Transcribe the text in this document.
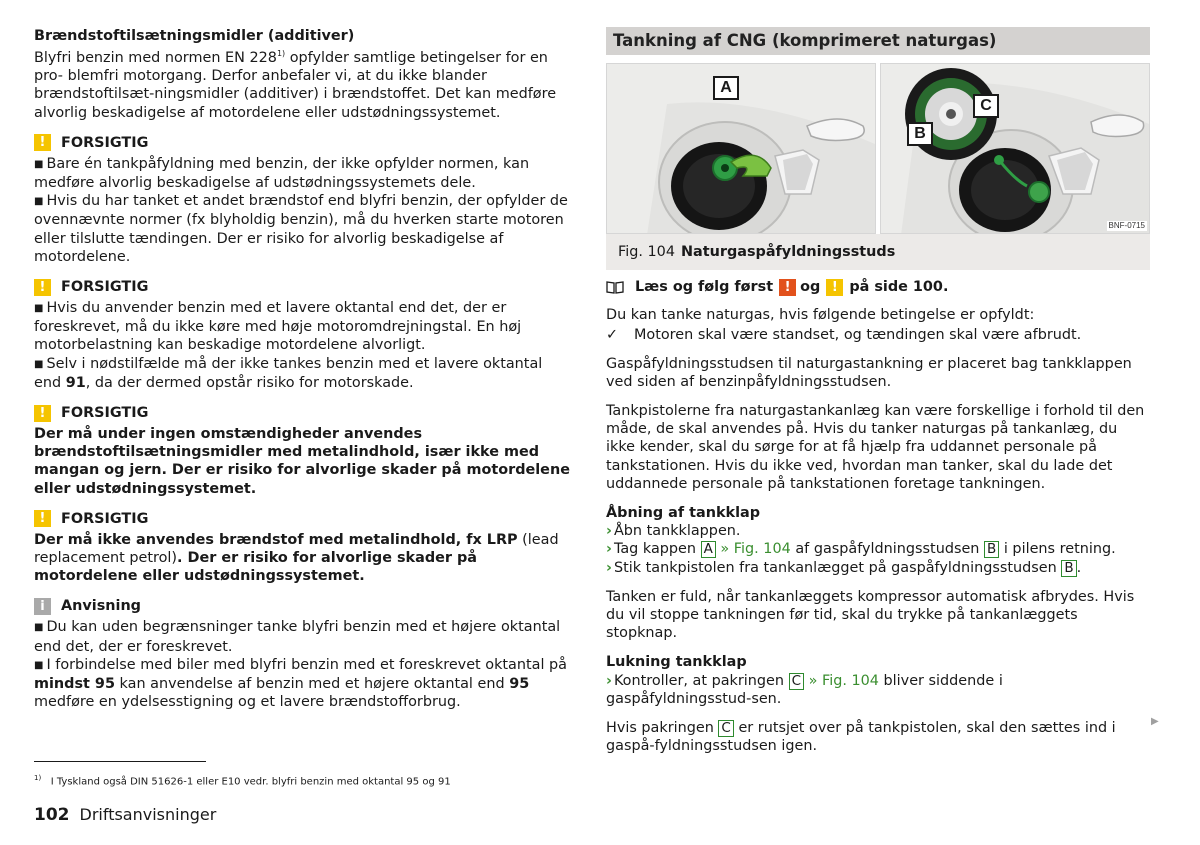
Brændstoftilsætningsmidler (additiver)

Blyfri benzin med normen EN 228$^{1)}$ opfylder samtlige betingelser for en pro- blemfri motorgang. Derfor anbefaler vi, at du ikke blander brændstoftilsæt-ningsmidler (additiver) i brændstoffet. Det kan medføre alvorlig beskadigelse af motordelene eller udstødningssystemet.

!	FORSIGTIG

■ Bare én tankpåfyldning med benzin, der ikke opfylder normen, kan medføre alvorlig beskadigelse af udstødningssystemets dele.

■ Hvis du har tanket et andet brændstof end blyfri benzin, der opfylder de ovennævnte normer (fx blyholdig benzin), må du hverken starte motoren eller tilslutte tændingen. Der er risiko for alvorlig beskadigelse af motordelene.

!	FORSIGTIG

■ Hvis du anvender benzin med et lavere oktantal end det, der er foreskrevet, må du ikke køre med høje motoromdrejningstal. En høj motorbelastning kan beskadige motordelene alvorligt.

■ Selv i nødstilfælde må der ikke tankes benzin med et lavere oktantal end 91, da der dermed opstår risiko for motorskade.

!	FORSIGTIG

Der må under ingen omstændigheder anvendes brændstoftilsætningsmidler med metalindhold, især ikke med mangan og jern. Der er risiko for alvorlige skader på motordelene eller udstødningssystemet.

!	FORSIGTIG

Der må ikke anvendes brændstof med metalindhold, fx LRP (lead replacement petrol). Der er risiko for alvorlige skader på motordelene eller udstødningssystemet.

i	Anvisning

■ Du kan uden begrænsninger tanke blyfri benzin med et højere oktantal end det, der er foreskrevet.

■ I forbindelse med biler med blyfri benzin med et foreskrevet oktantal på mindst 95 kan anvendelse af benzin med et højere oktantal end 95 medføre en ydelsesstigning og et lavere brændstofforbrug.

Tankning af CNG (komprimeret naturgas)
A
B
C
BNF-0715
Fig. 104 Naturgaspåfyldningsstuds
Læs og følg først ! og ! på side 100.

Du kan tanke naturgas, hvis følgende betingelse er opfyldt:

✓	Motoren skal være standset, og tændingen skal være afbrudt.

Gaspåfyldningsstudsen til naturgastankning er placeret bag tankklappen ved siden af benzinpåfyldningsstudsen.

Tankpistolerne fra naturgastankanlæg kan være forskellige i forhold til den måde, de skal anvendes på. Hvis du tanker naturgas på tankanlæg, du ikke kender, skal du sørge for at få hjælp fra uddannet personale på tankstationen. Hvis du ikke ved, hvordan man tanker, skal du lade det uddannede personale på tankstationen foretage tankningen.

Åbning af tankklap

› Åbn tankklappen.

› Tag kappen A » Fig. 104 af gaspåfyldningsstudsen B i pilens retning.

› Stik tankpistolen fra tankanlægget på gaspåfyldningsstudsen B .

Tanken er fuld, når tankanlæggets kompressor automatisk afbrydes. Hvis du vil stoppe tankningen før tid, skal du trykke på tankanlæggets stopknap.

Lukning tankklap

› Kontroller, at pakringen C » Fig. 104 bliver siddende i gaspåfyldningsstud-sen.

Hvis pakringen C er rutsjet over på tankpistolen, skal den sættes ind i gaspå-fyldningsstudsen igen.

▶
$^{1)}$ I Tyskland også DIN 51626-1 eller E10 vedr. blyfri benzin med oktantal 95 og 91
102 Driftsanvisninger
